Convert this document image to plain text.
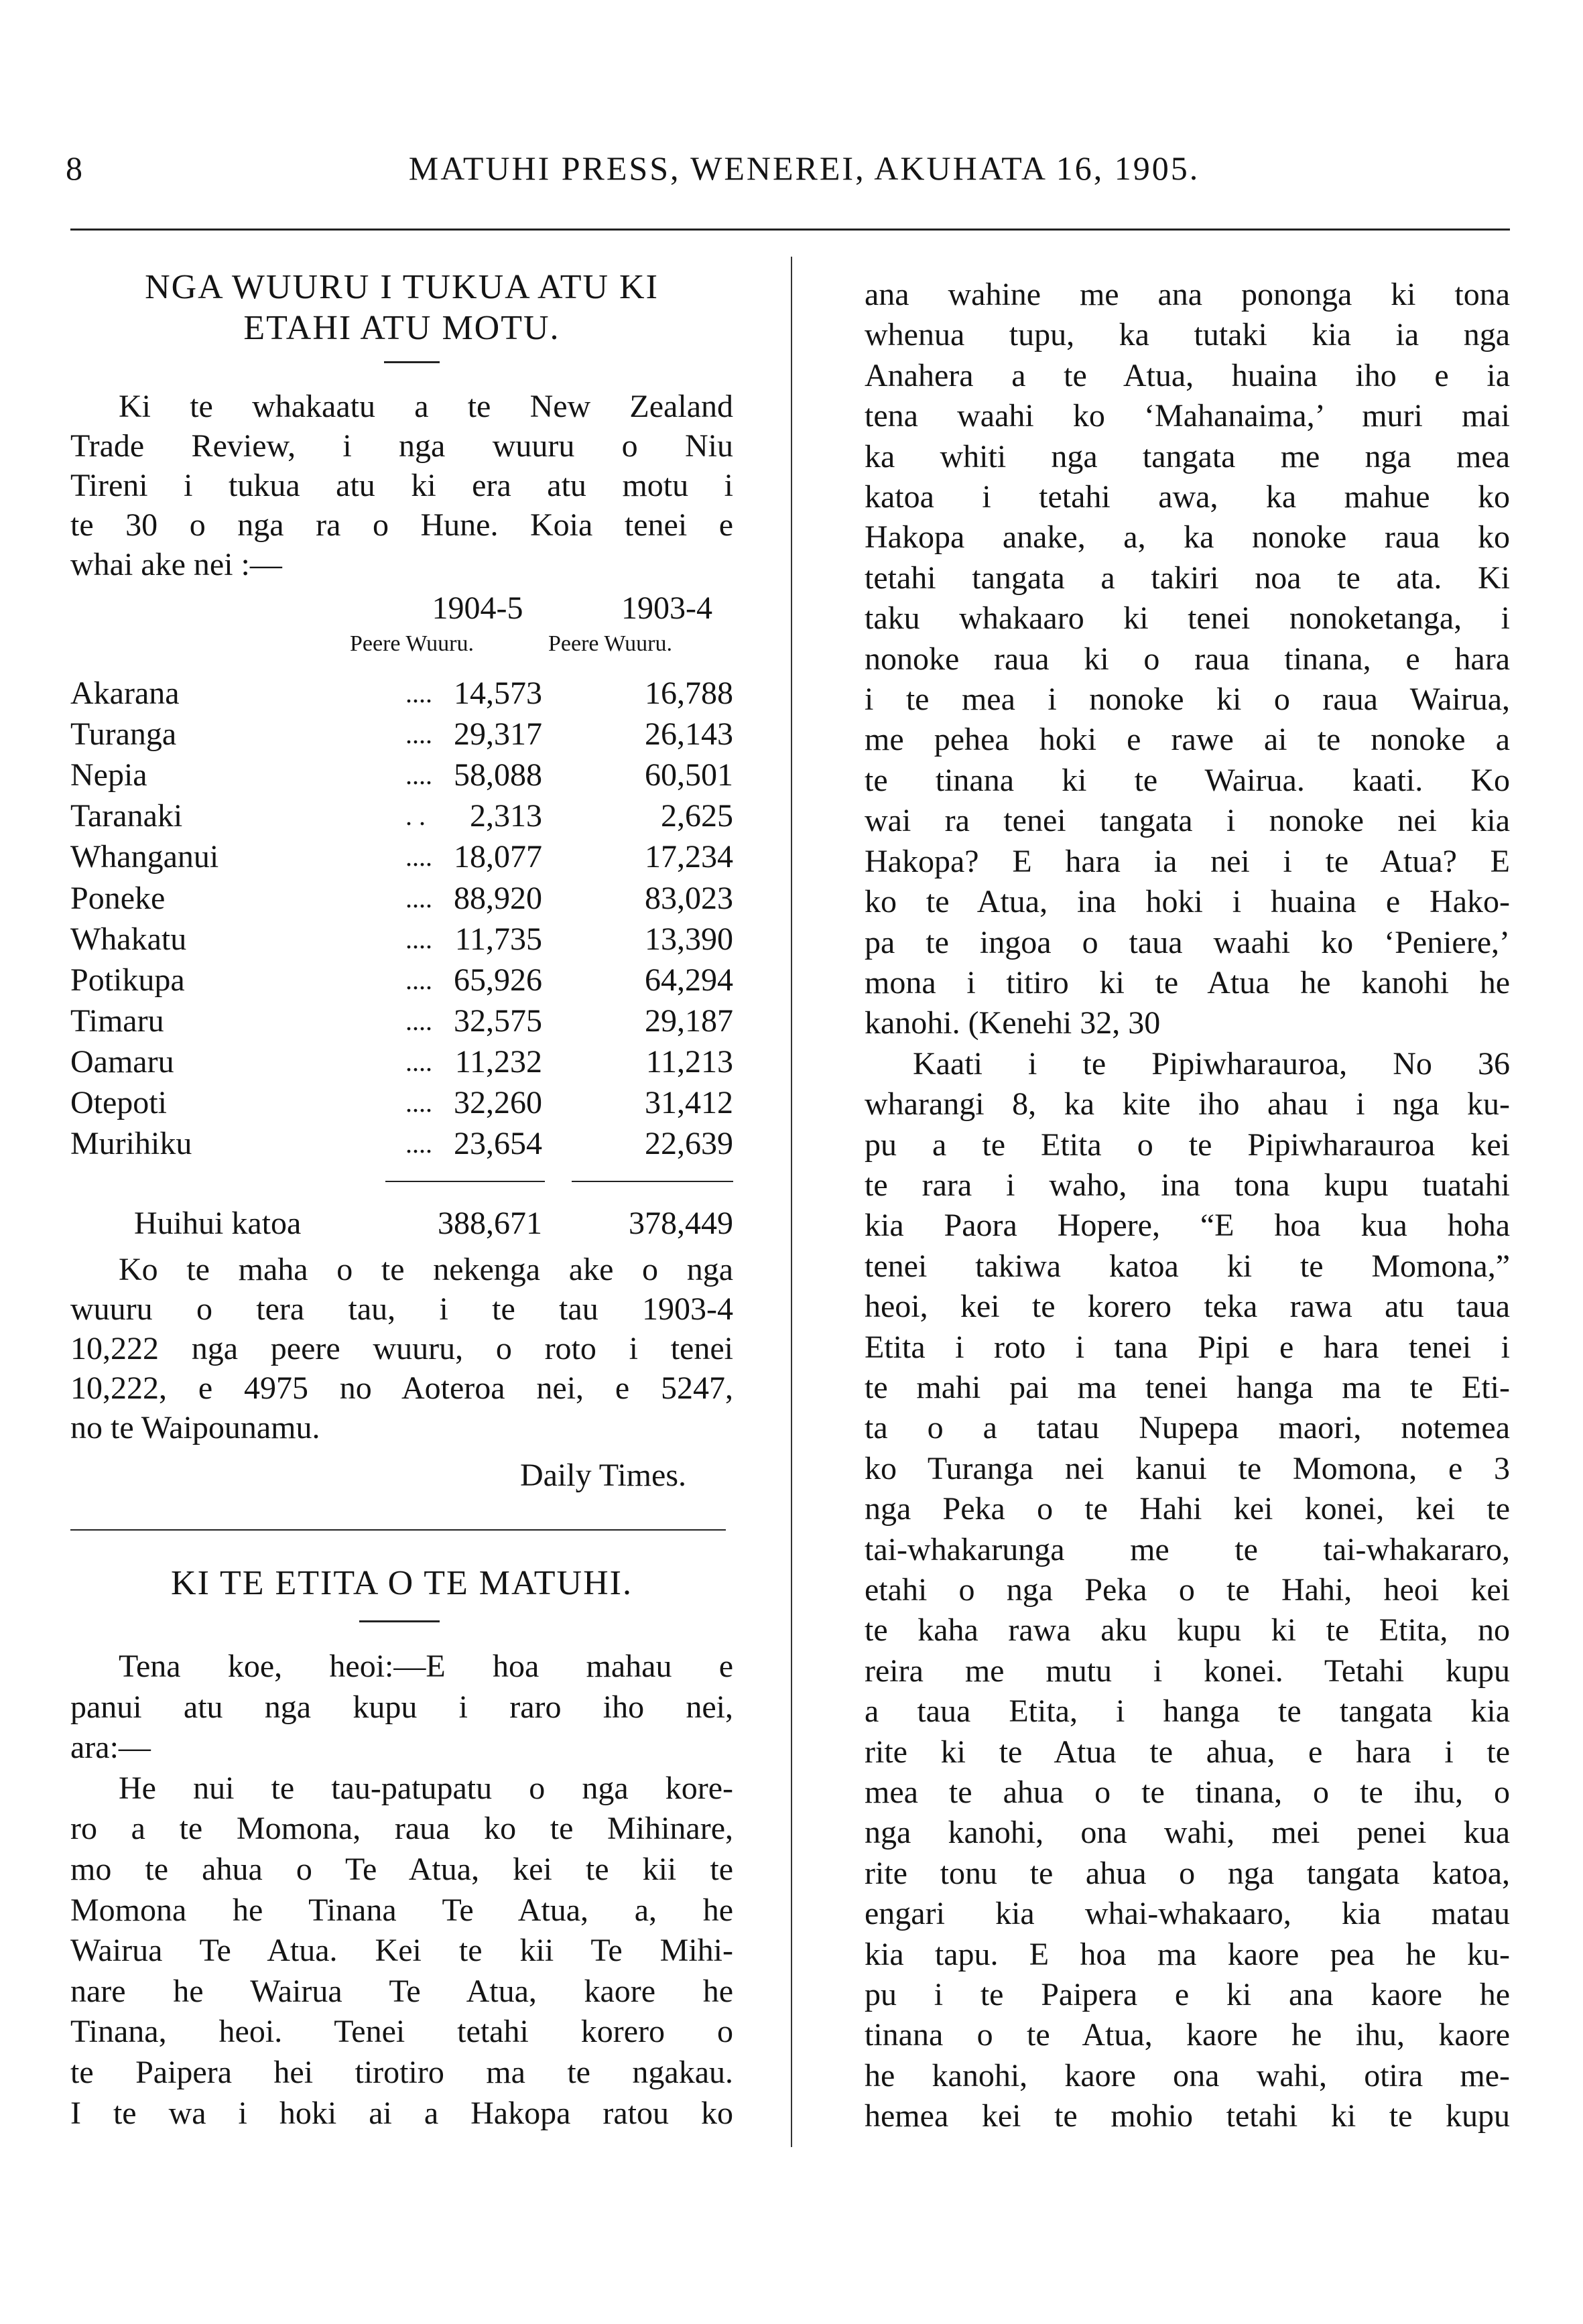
8	MATUHI PRESS, WENEREI, AKUHATA 16, 1905.
NGA WUURU I TUKUA ATU KI
ETAHI ATU MOTU.
Ki te whakaatu a te New Zealand
Trade Review, i nga wuuru o Niu
Tireni i tukua atu ki era atu motu i
te 30 o nga ra o Hune. Koia tenei e
whai ake nei :—
1904-5	1903-4
Peere Wuuru.	Peere Wuuru.
Akarana	.... 14,573	16,788
Turanga	.... 29,317	26,143
Nepia	.... 58,088	60,501
Taranaki	. . 2,313	2,625
Whanganui	.... 18,077	17,234
Poneke	.... 88,920	83,023
Whakatu	.... 11,735	13,390
Potikupa	.... 65,926	64,294
Timaru	.... 32,575	29,187
Oamaru	.... 11,232	11,213
Otepoti	.... 32,260	31,412
Murihiku	.... 23,654	22,639
Huihui katoa	388,671	378,449
Ko te maha o te nekenga ake o nga
wuuru o tera tau, i te tau 1903-4
10,222 nga peere wuuru, o roto i tenei
10,222, e 4975 no Aoteroa nei, e 5247,
no te Waipounamu.
Daily Times.
KI TE ETITA O TE MATUHI.
Tena koe, heoi:—E hoa mahau e
panui atu nga kupu i raro iho nei,
ara:—
He nui te tau-patupatu o nga kore-
ro a te Momona, raua ko te Mihinare,
mo te ahua o Te Atua, kei te kii te
Momona he Tinana Te Atua, a, he
Wairua Te Atua. Kei te kii Te Mihi-
nare he Wairua Te Atua, kaore he
Tinana, heoi. Tenei tetahi korero o
te Paipera hei tirotiro ma te ngakau.
I te wa i hoki ai a Hakopa ratou ko
ana wahine me ana pononga ki tona
whenua tupu, ka tutaki kia ia nga
Anahera a te Atua, huaina iho e ia
tena waahi ko ‘Mahanaima,’ muri mai
ka whiti nga tangata me nga mea
katoa i tetahi awa, ka mahue ko
Hakopa anake, a, ka nonoke raua ko
tetahi tangata a takiri noa te ata. Ki
taku whakaaro ki tenei nonoketanga, i
nonoke raua ki o raua tinana, e hara
i te mea i nonoke ki o raua Wairua,
me pehea hoki e rawe ai te nonoke a
te tinana ki te Wairua. kaati. Ko
wai ra tenei tangata i nonoke nei kia
Hakopa? E hara ia nei i te Atua? E
ko te Atua, ina hoki i huaina e Hako-
pa te ingoa o taua waahi ko ‘Peniere,’
mona i titiro ki te Atua he kanohi he
kanohi. (Kenehi 32, 30
Kaati i te Pipiwharauroa, No 36
wharangi 8, ka kite iho ahau i nga ku-
pu a te Etita o te Pipiwharauroa kei
te rara i waho, ina tona kupu tuatahi
kia Paora Hopere, “E hoa kua hoha
tenei takiwa katoa ki te Momona,”
heoi, kei te korero teka rawa atu taua
Etita i roto i tana Pipi e hara tenei i
te mahi pai ma tenei hanga ma te Eti-
ta o a tatau Nupepa maori, notemea
ko Turanga nei kanui te Momona, e 3
nga Peka o te Hahi kei konei, kei te
tai-whakarunga me te tai-whakararo,
etahi o nga Peka o te Hahi, heoi kei
te kaha rawa aku kupu ki te Etita, no
reira me mutu i konei. Tetahi kupu
a taua Etita, i hanga te tangata kia
rite ki te Atua te ahua, e hara i te
mea te ahua o te tinana, o te ihu, o
nga kanohi, ona wahi, mei penei kua
rite tonu te ahua o nga tangata katoa,
engari kia whai-whakaaro, kia matau
kia tapu. E hoa ma kaore pea he ku-
pu i te Paipera e ki ana kaore he
tinana o te Atua, kaore he ihu, kaore
he kanohi, kaore ona wahi, otira me-
hemea kei te mohio tetahi ki te kupu
